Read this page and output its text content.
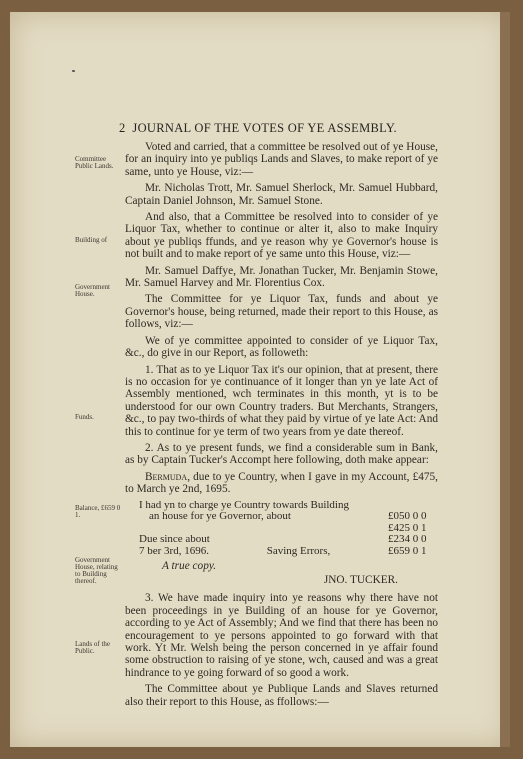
2 JOURNAL OF THE VOTES OF YE ASSEMBLY.
Committee Public Lands.
Building of
Government House.
Funds.
Balance, £659 0 1.
Government House, relating to Building thereof.
Lands of the Public.

Voted and carried, that a committee be resolved out of ye House, for an inquiry into ye publiqs Lands and Slaves, to make report of ye same, unto ye House, viz:—

Mr. Nicholas Trott, Mr. Samuel Sherlock, Mr. Samuel Hubbard, Captain Daniel Johnson, Mr. Samuel Stone.

And also, that a Committee be resolved into to consider of ye Liquor Tax, whether to continue or alter it, also to make Inquiry about ye publiqs ffunds, and ye reason why ye Governor's house is not built and to make report of ye same unto this House, viz:—

Mr. Samuel Daffye, Mr. Jonathan Tucker, Mr. Benjamin Stowe, Mr. Samuel Harvey and Mr. Florentius Cox.

The Committee for ye Liquor Tax, funds and about ye Governor's house, being returned, made their report to this House, as follows, viz:—

We of ye committee appointed to consider of ye Liquor Tax, &c., do give in our Report, as followeth:

1. That as to ye Liquor Tax it's our opinion, that at present, there is no occasion for ye continuance of it longer than yn ye late Act of Assembly mentioned, wch terminates in this month, yt is to be understood for our own Country traders. But Merchants, Strangers, &c., to pay two-thirds of what they paid by virtue of ye late Act: And this to continue for ye term of two years from ye date thereof.

2. As to ye present funds, we find a considerable sum in Bank, as by Captain Tucker's Accompt here following, doth make appear:

Bermuda, due to ye Country, when I gave in my Account, £475, to March ye 2nd, 1695.

I had yn to charge ye Country towards Building
an house for ye Governor, about	£050 0 0
£425 0 1
Due since about	£234 0 0
7 ber 3rd, 1696.	Saving Errors,	£659 0 1
A true copy.
JNO. TUCKER.

3. We have made inquiry into ye reasons why there have not been proceedings in ye Building of an house for ye Governor, according to ye Act of Assembly; And we find that there has been no encouragement to ye persons appointed to go forward with that work. Yt Mr. Welsh being the person concerned in ye affair found some obstruction to raising of ye stone, wch, caused and was a great hindrance to ye going forward of so good a work.

The Committee about ye Publique Lands and Slaves returned also their report to this House, as ffollows:—
